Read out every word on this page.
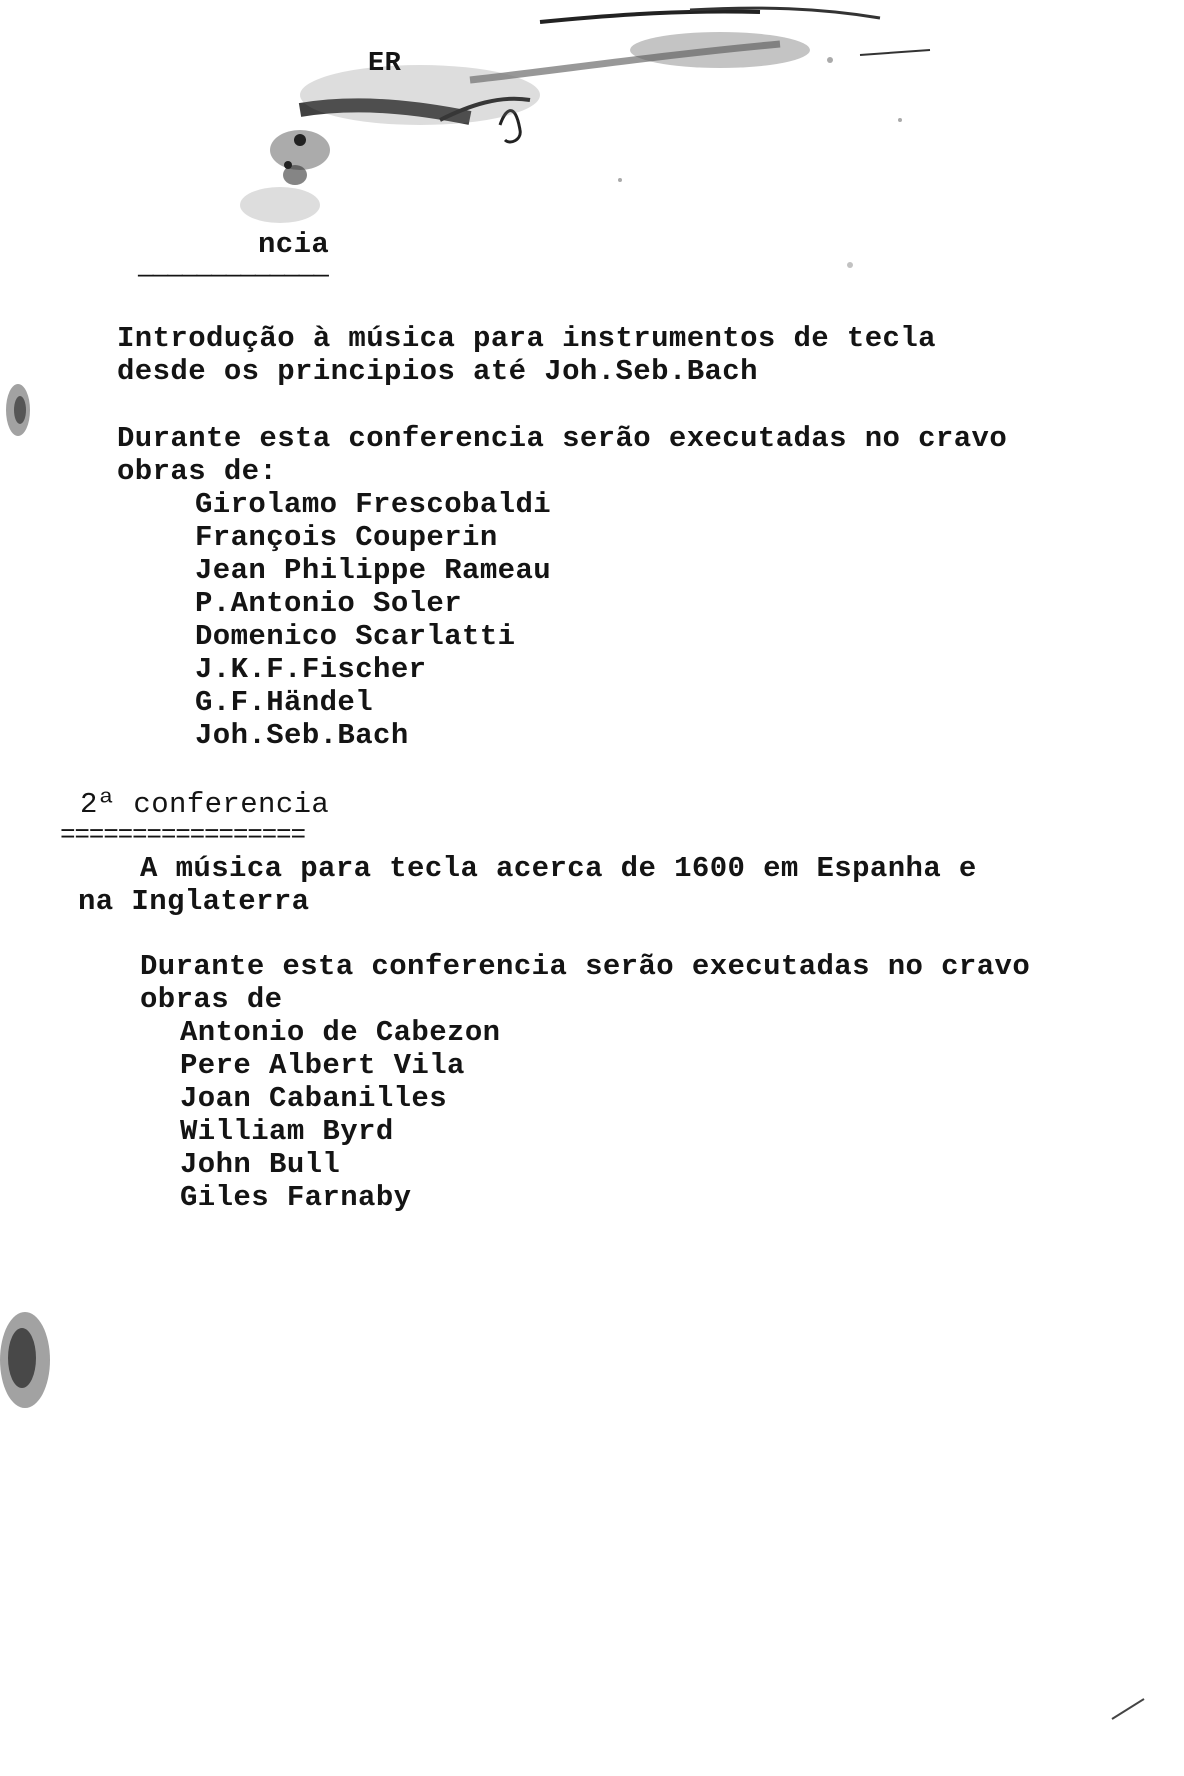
ER
ncia
—————————————
Introdução à música para instrumentos de tecla
desde os principios até Joh.Seb.Bach
Durante esta conferencia serão executadas no cravo
obras de:
Girolamo Frescobaldi
François Couperin
Jean Philippe Rameau
P.Antonio Soler
Domenico Scarlatti
J.K.F.Fischer
G.F.Händel
Joh.Seb.Bach
2ª conferencia
=================
A música para tecla acerca de 1600 em Espanha e
na Inglaterra
Durante esta conferencia serão executadas no cravo
obras de
Antonio de Cabezon
Pere Albert Vila
Joan Cabanilles
William Byrd
John Bull
Giles Farnaby
